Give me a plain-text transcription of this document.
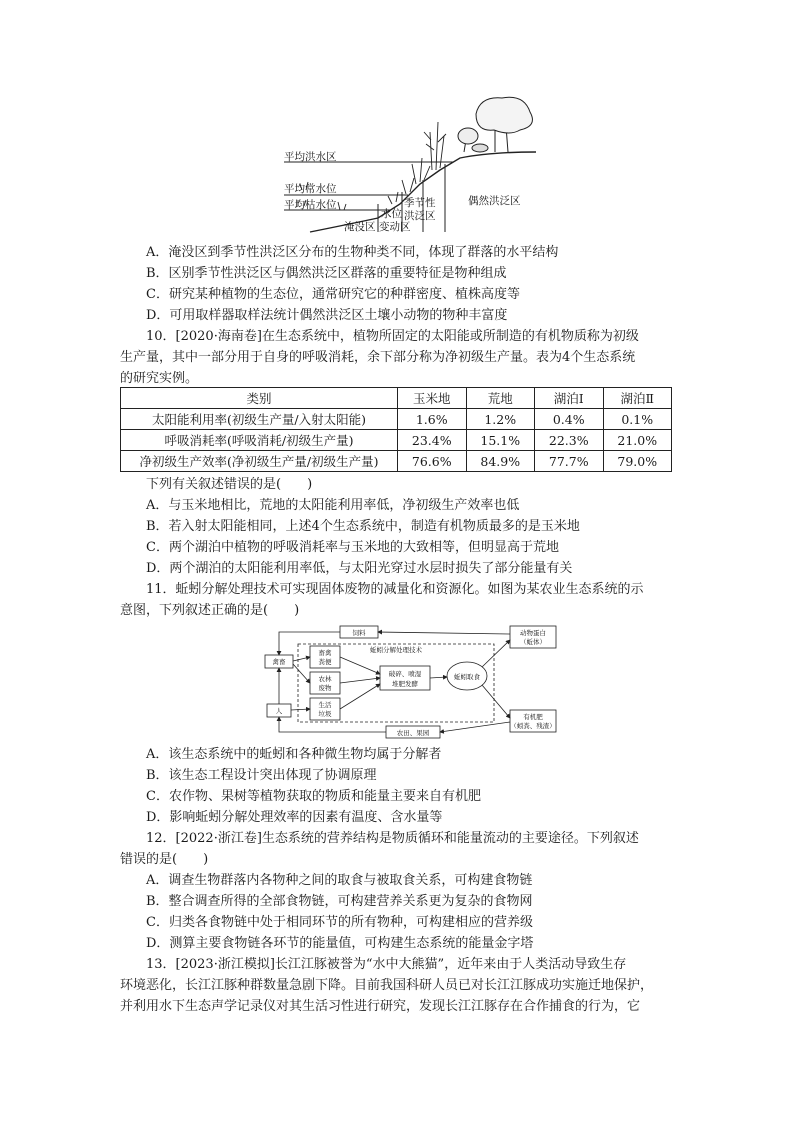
平均洪水区
平均常水位
平均枯水位
淹没区
水位
变动区
季节性
洪泛区
偶然洪泛区
A．淹没区到季节性洪泛区分布的生物种类不同，体现了群落的水平结构
B．区别季节性洪泛区与偶然洪泛区群落的重要特征是物种组成
C．研究某种植物的生态位，通常研究它的种群密度、植株高度等
D．可用取样器取样法统计偶然洪泛区土壤小动物的物种丰富度
10．[2020·海南卷]在生态系统中，植物所固定的太阳能或所制造的有机物质称为初级
生产量，其中一部分用于自身的呼吸消耗，余下部分称为净初级生产量。表为4个生态系统
的研究实例。
类别	玉米地	荒地	湖泊Ⅰ	湖泊Ⅱ
太阳能利用率(初级生产量/入射太阳能)	1.6%	1.2%	0.4%	0.1%
呼吸消耗率(呼吸消耗/初级生产量)	23.4%	15.1%	22.3%	21.0%
净初级生产效率(净初级生产量/初级生产量)	76.6%	84.9%	77.7%	79.0%
下列有关叙述错误的是(　　)
A．与玉米地相比，荒地的太阳能利用率低，净初级生产效率也低
B．若入射太阳能相同，上述4个生态系统中，制造有机物质最多的是玉米地
C．两个湖泊中植物的呼吸消耗率与玉米地的大致相等，但明显高于荒地
D．两个湖泊的太阳能利用率低，与太阳光穿过水层时损失了部分能量有关
11．蚯蚓分解处理技术可实现固体废物的减量化和资源化。如图为某农业生态系统的示
意图，下列叙述正确的是(　　)
饲料
禽畜
人
畜禽
粪便
农林
废物
生活
垃圾
蚯蚓分解处理技术
破碎、喷湿
堆肥发酵
蚯蚓取食
动物蛋白
（蚯体）
有机肥
（蚓粪、残渣）
农田、果园
A．该生态系统中的蚯蚓和各种微生物均属于分解者
B．该生态工程设计突出体现了协调原理
C．农作物、果树等植物获取的物质和能量主要来自有机肥
D．影响蚯蚓分解处理效率的因素有温度、含水量等
12．[2022·浙江卷]生态系统的营养结构是物质循环和能量流动的主要途径。下列叙述
错误的是(　　)
A．调查生物群落内各物种之间的取食与被取食关系，可构建食物链
B．整合调查所得的全部食物链，可构建营养关系更为复杂的食物网
C．归类各食物链中处于相同环节的所有物种，可构建相应的营养级
D．测算主要食物链各环节的能量值，可构建生态系统的能量金字塔
13．[2023·浙江模拟]长江江豚被誉为“水中大熊猫”，近年来由于人类活动导致生存
环境恶化，长江江豚种群数量急剧下降。目前我国科研人员已对长江江豚成功实施迁地保护，
并利用水下生态声学记录仪对其生活习性进行研究，发现长江江豚存在合作捕食的行为，它
